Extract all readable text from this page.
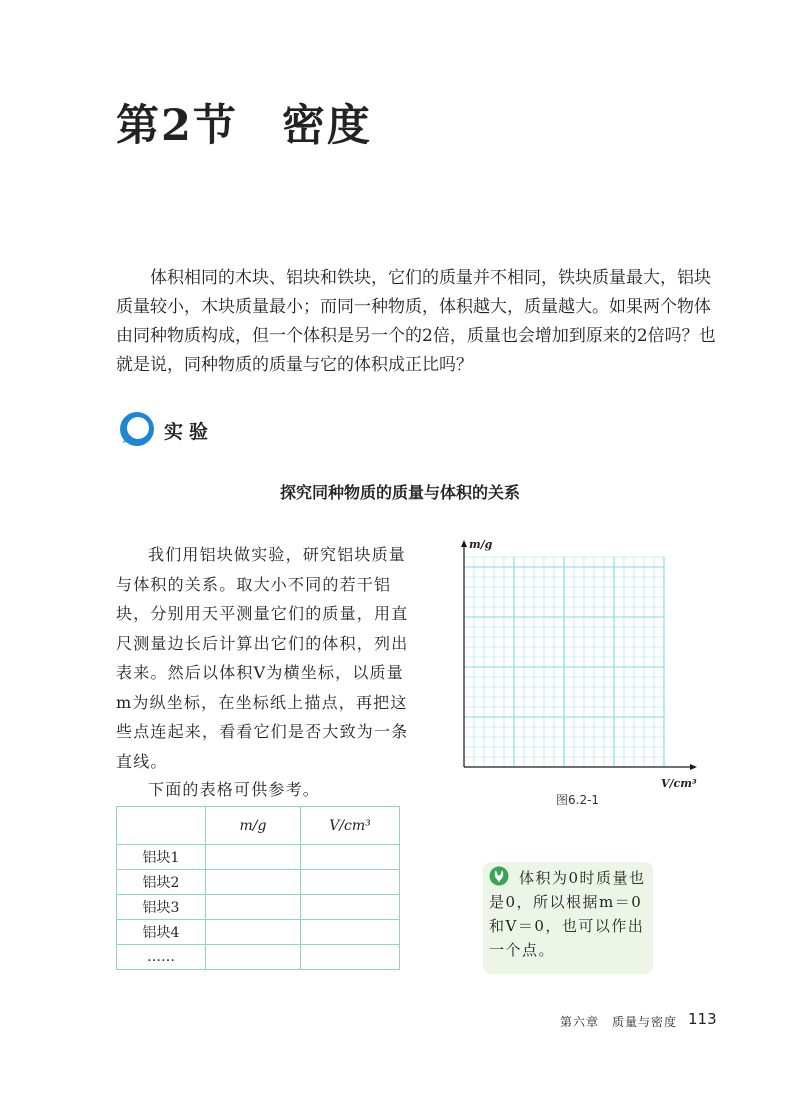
第2节 密度

体积相同的木块、铝块和铁块，它们的质量并不相同，铁块质量最大，铝块质量较小，木块质量最小；而同一种物质，体积越大，质量越大。如果两个物体由同种物质构成，但一个体积是另一个的2倍，质量也会增加到原来的2倍吗？也就是说，同种物质的质量与它的体积成正比吗？

实验
探究同种物质的质量与体积的关系

我们用铝块做实验，研究铝块质量与体积的关系。取大小不同的若干铝块，分别用天平测量它们的质量，用直尺测量边长后计算出它们的体积，列出表来。然后以体积V为横坐标，以质量m为纵坐标，在坐标纸上描点，再把这些点连起来，看看它们是否大致为一条直线。

下面的表格可供参考。

m/g
V/cm³
图6.2-1
	m/g	V/cm³
铝块1		
铝块2		
铝块3		
铝块4		
……		

体积为0时质量也是0，所以根据m＝0和V＝0，也可以作出一个点。

第六章　质量与密度 113
